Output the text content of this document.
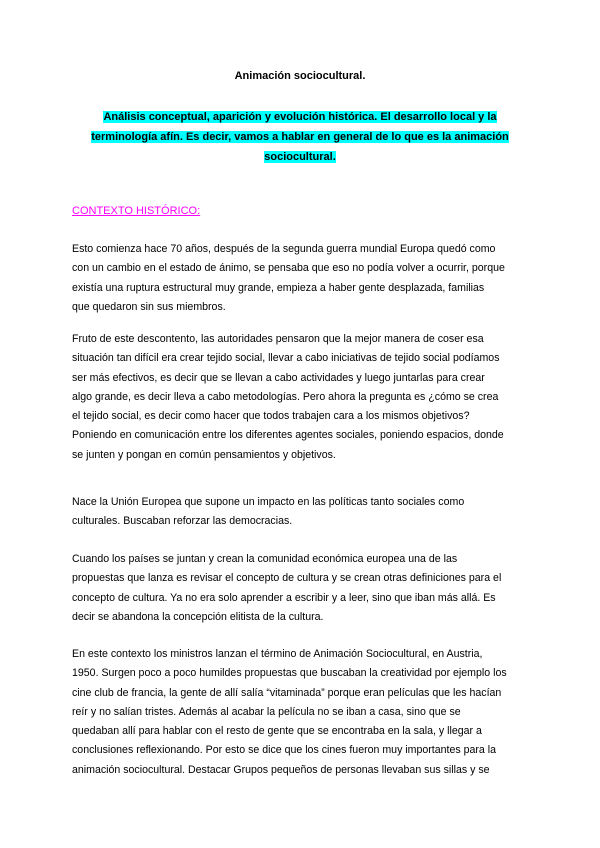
Animación sociocultural.

Análisis conceptual, aparición y evolución histórica. El desarrollo local y la
terminología afín. Es decir, vamos a hablar en general de lo que es la animación
sociocultural.

CONTEXTO HISTÓRICO:

Esto comienza hace 70 años, después de la segunda guerra mundial Europa quedó como
con un cambio en el estado de ánimo, se pensaba que eso no podía volver a ocurrir, porque
existía una ruptura estructural muy grande, empieza a haber gente desplazada, familias
que quedaron sin sus miembros.

Fruto de este descontento, las autoridades pensaron que la mejor manera de coser esa
situación tan difícil era crear tejido social, llevar a cabo iniciativas de tejido social podíamos
ser más efectivos, es decir que se llevan a cabo actividades y luego juntarlas para crear
algo grande, es decir lleva a cabo metodologías. Pero ahora la pregunta es ¿cómo se crea
el tejido social, es decir como hacer que todos trabajen cara a los mismos objetivos?
Poniendo en comunicación entre los diferentes agentes sociales, poniendo espacios, donde
se junten y pongan en común pensamientos y objetivos.

Nace la Unión Europea que supone un impacto en las políticas tanto sociales como
culturales. Buscaban reforzar las democracias.

Cuando los países se juntan y crean la comunidad económica europea una de las
propuestas que lanza es revisar el concepto de cultura y se crean otras definiciones para el
concepto de cultura. Ya no era solo aprender a escribir y a leer, sino que iban más allá. Es
decir se abandona la concepción elitista de la cultura.

En este contexto los ministros lanzan el término de Animación Sociocultural, en Austria,
1950. Surgen poco a poco humildes propuestas que buscaban la creatividad por ejemplo los
cine club de francia, la gente de allí salía “vitaminada” porque eran películas que les hacían
reír y no salían tristes. Además al acabar la película no se iban a casa, sino que se
quedaban allí para hablar con el resto de gente que se encontraba en la sala, y llegar a
conclusiones reflexionando. Por esto se dice que los cines fueron muy importantes para la
animación sociocultural. Destacar Grupos pequeños de personas llevaban sus sillas y se
